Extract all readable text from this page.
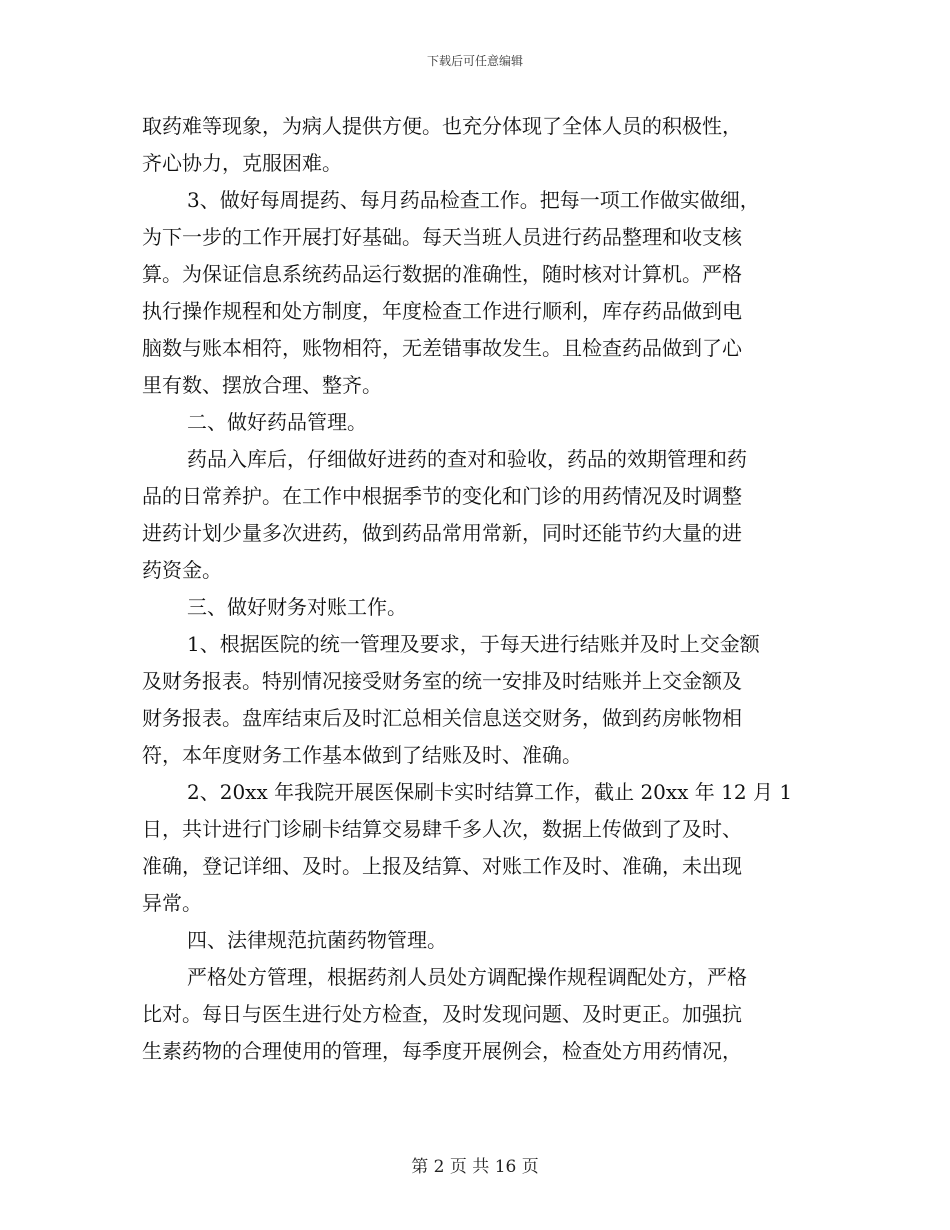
下载后可任意编辑
取药难等现象，为病人提供方便。也充分体现了全体人员的积极性，
齐心协力，克服困难。
3、做好每周提药、每月药品检查工作。把每一项工作做实做细，
为下一步的工作开展打好基础。每天当班人员进行药品整理和收支核
算。为保证信息系统药品运行数据的准确性，随时核对计算机。严格
执行操作规程和处方制度，年度检查工作进行顺利，库存药品做到电
脑数与账本相符，账物相符，无差错事故发生。且检查药品做到了心
里有数、摆放合理、整齐。
二、做好药品管理。
药品入库后，仔细做好进药的查对和验收，药品的效期管理和药
品的日常养护。在工作中根据季节的变化和门诊的用药情况及时调整
进药计划少量多次进药，做到药品常用常新，同时还能节约大量的进
药资金。
三、做好财务对账工作。
1、根据医院的统一管理及要求，于每天进行结账并及时上交金额
及财务报表。特别情况接受财务室的统一安排及时结账并上交金额及
财务报表。盘库结束后及时汇总相关信息送交财务，做到药房帐物相
符，本年度财务工作基本做到了结账及时、准确。
2、20xx 年我院开展医保刷卡实时结算工作，截止 20xx 年 12 月 1
日，共计进行门诊刷卡结算交易肆千多人次，数据上传做到了及时、
准确，登记详细、及时。上报及结算、对账工作及时、准确，未出现
异常。
四、法律规范抗菌药物管理。
严格处方管理，根据药剂人员处方调配操作规程调配处方，严格
比对。每日与医生进行处方检查，及时发现问题、及时更正。加强抗
生素药物的合理使用的管理，每季度开展例会，检查处方用药情况，
第 2 页 共 16 页
